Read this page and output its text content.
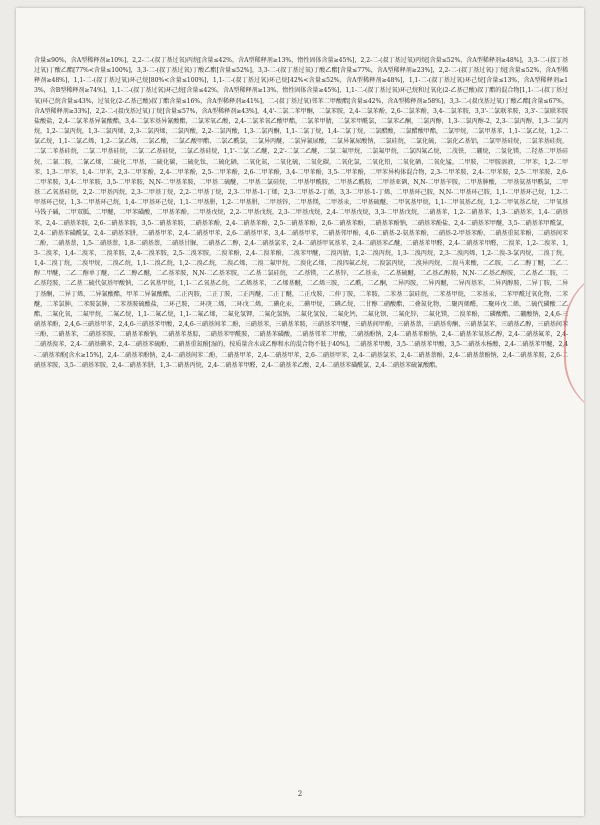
含量≤90%，含A型稀释剂≥10%]，2,2-二-(叔丁基过氧)丙烷[含量≤42%，含A型稀释剂≥13%，惰性固体含量≥45%]，2,2-二-(叔丁基过氧)丙烷[含量≤52%，含A型稀释剂≥48%]，3,3-二-(叔丁基过氧)丁酸乙酯[77%<含量≤100%]，3,3-二-(叔丁基过氧)丁酸乙酯[含量≤52%]，3,3-二-(叔丁基过氧)丁酸乙酯[含量≤77%，含A型稀释剂≥23%]，2,2-二-(叔丁基过氧)丁烷[含量≤52%，含A型稀释剂≥48%]，1,1-二-(叔丁基过氧)环己烷[80%<含量≤100%]，1,1-二-(叔丁基过氧)环己烷[42%<含量≤52%，含A型稀释剂≥48%]，1,1-二-(叔丁基过氧)环己烷[含量≤13%，含A型稀释剂≥13%，含B型稀释剂≥74%]，1,1-二-(叔丁基过氧)环己烷[含量≤42%，含A型稀释剂≥13%，惰性固体含量≥45%]，1,1-二-(叔丁基过氧)环己烷和过氧化(2-乙基己酸)叔丁酯的混合物[1,1-二-(叔丁基过氧)环己烷含量≤43%，过氧化(2-乙基己酸)叔丁酯含量≤16%，含A型稀释剂≥41%]，二-(叔丁基过氧)邻苯二甲酸酯[含量≤42%，含A型稀释剂≥58%]，3,3-二-(叔戊基过氧)丁酸乙酯[含量≤67%，含A型稀释剂≥33%]，2,2-二-(叔戊基过氧)丁烷[含量≤57%，含A型稀释剂≥43%]，4,4'-二氯二苯甲酮，二氯苯胺，2,4-二氯苯酚，2,6-二氯苯酚，3,4-二氯苯胺，3,3'-二氯联苯胺，3,3'-二氯联苯胺盐酸盐，2,4-二氯苯基异氰酸酯，3,4-二氯苯基异氰酸酯，二氯苯氧乙酸，2,4-二氯苯氧乙酸甲酯，二氯苯甲腈，二氯苯甲酰氯，二氯苯乙酮，二氯丙醇，1,3-二氯丙醇-2，2,3-二氯丙醇，1,3-二氯丙烷，1,2-二氯丙烷，1,3-二氯丙烯，2,3-二氯丙烯，二氯丙酸，2,2-二氯丙酸，1,3-二氯丙酮，1,1-二氯丁烷，1,4-二氯丁烷，二氯醋酸，二氯醋酸甲酯，二氯甲烷，二氯甲基苯，1,1-二氯乙烷，1,2-二氯乙烷，1,1-二氯乙烯，1,2-二氯乙烯，二氯乙酸，二氯乙酸甲酯，二氯乙酰氯，二氯异丙醚，二氯异氰尿酸，二氯异氰尿酸钠，二氯硅烷，二氯化硫，二氯化乙基铝，二氯甲基硅烷，二氯苯基硅烷，二氯二苯基硅烷，二氯二甲基硅烷，二氯二乙基硅烷，二氯乙基硅烷，1,1'-二氯二乙醚，2,2'-二氯二乙醚，二氯二氟甲烷，二氯氟甲烷，二氯四氟乙烷，二茂铁，二硼烷，二氢化镁，二羟基二甲基硅烷，二氰二胺，二氰乙烯，二硫化二甲基，二硫化碳，二硫化钛，二硫化硒，二氧化氮，二氧化硫，二氧化碳，二氧化氯，二氧化铅，二氧化硒，二氧化锰，二甲胺，二甲胺溶液，二甲苯，1,2-二甲苯，1,3-二甲苯，1,4-二甲苯，2,3-二甲苯酚，2,4-二甲苯酚，2,5-二甲苯酚，2,6-二甲苯酚，3,4-二甲苯酚，3,5-二甲苯酚，二甲苯异构体混合物，2,3-二甲苯胺，2,4-二甲苯胺，2,5-二甲苯胺，2,6-二甲苯胺，3,4-二甲苯胺，3,5-二甲苯胺，N,N-二甲基苯胺，二甲基二硫醚，二甲基二氯硅烷，二甲基甲酰胺，二甲基乙酰胺，二甲基亚砜，N,N-二甲基苄胺，二甲基胂酸，二甲基氨基甲酰氯，二甲基二乙氧基硅烷，2,2-二甲基丙烷，2,3-二甲基丁烷，2,2-二甲基丁烷，2,3-二甲基-1-丁烯，2,3-二甲基-2-丁烯，3,3-二甲基-1-丁烯，二甲基环己胺，N,N-二甲基环己胺，1,1-二甲基环己烷，1,2-二甲基环己烷，1,3-二甲基环己烷，1,4-二甲基环己烷，1,1-二甲基肼，1,2-二甲基肼，二甲基锌，二甲基镁，二甲基汞，二甲基硫醚，二甲氧基甲烷，1,1-二甲氧基乙烷，1,2-二甲氧基乙烷，二甲氧基马钱子碱，二甲双胍，二甲醚，二甲苯磺酸，二甲基苯酚，二甲基戊烷，2,2-二甲基戊烷，2,3-二甲基戊烷，2,4-二甲基戊烷，3,3-二甲基戊烷，二硝基苯，1,2-二硝基苯，1,3-二硝基苯，1,4-二硝基苯，2,4-二硝基苯胺，2,6-二硝基苯胺，3,5-二硝基苯胺，二硝基苯酚，2,4-二硝基苯酚，2,5-二硝基苯酚，2,6-二硝基苯酚，二硝基苯酚钠，二硝基苯酚盐，2,4-二硝基苯甲醚，3,5-二硝基苯甲酰氯，2,4-二硝基苯磺酰氯，2,4-二硝基苯肼，二硝基甲苯，2,4-二硝基甲苯，2,6-二硝基甲苯，3,4-二硝基甲苯，二硝基邻甲酚，4,6-二硝基-2-氨基苯酚，二硝基-2-甲基苯酚，二硝基重氮苯酚，二硝基间苯二酚，二硝基萘，1,5-二硝基萘，1,8-二硝基萘，二硝基甘脲，二硝基乙二醇，2,4-二硝基氯苯，2,4-二硝基甲氧基苯，2,4-二硝基苯乙醚，二硝基苯甲醛，2,4-二硝基苯甲醛，二溴苯，1,2-二溴苯，1,3-二溴苯，1,4-二溴苯，二溴苯胺，2,4-二溴苯胺，2,5-二溴苯胺，二溴苯酚，2,4-二溴苯酚，二溴苯甲醚，二溴丙腈，1,2-二溴丙烷，1,3-二溴丙烷，2,3-二溴丙烯，1,2-二溴-3-氯丙烷，二溴丁烷，1,4-二溴丁烷，二溴甲烷，二溴乙烷，1,1-二溴乙烷，1,2-二溴乙烷，二溴乙烯，二溴二氟甲烷，二溴化乙烯，二溴四氟乙烷，二溴氯丙烷，二溴异丙烷，二溴马来酸，二乙胺，二乙二醇丁醚，二乙二醇二甲醚，二乙二醇单丁醚，二乙二醇乙醚，二乙基苯胺，N,N-二乙基苯胺，二乙基二氯硅烷，二乙基镁，二乙基锌，二乙基汞，二乙基硫醚，二乙基乙醇胺，N,N-二乙基乙醇胺，二乙基乙二胺，二乙基羟胺，二乙基二硫代氨基甲酸钠，二乙氧基甲烷，1,1-二乙氧基乙烷，二乙烯基苯，二乙烯基醚，二乙烯三胺，二乙酰，二乙酮，二异丙胺，二异丙醚，二异丙基苯，二异丙醇胺，二异丁胺，二异丁基酮，二异丁烯，二异氰酸酯，甲苯二异氰酸酯，二正丙胺，二正丁胺，二正丙醚，二正丁醚，二正戊胺，二仲丁胺，二苯胺，二苯基二氯硅烷，二苯基甲烷，二苯基汞，二苯甲酰过氧化物，二苯醚，二苯氯胂，二苯胺氯胂，二苯基胺硫酸盐，二环己胺，二环庚二烯，二环戊二烯，二碘化汞，二碘甲烷，二碘乙烷，二甘醇二硝酸酯，二叠氮化物，二聚丙烯醛，二聚环戊二烯，二硫代磷酸二乙酯，二氟化氧，二氟甲烷，二氟乙烷，1,1-二氟乙烷，1,1-二氟乙烯，二氟化氢钾，二氟化氢钠，二氟化氢铵，二氟化钙，二氟化钡，二氟化锌，二氟化镁，二溴苯酚，二磷酸酯，二硼酸钠，2,4,6-三硝基苯酚，2,4,6-三硝基甲苯，2,4,6-三硝基苯甲酸，2,4,6-三硝基间苯二酚，三硝基苯，三硝基苯胺，三硝基苯甲醚，三硝基间甲酚，三硝基萘，三硝基芴酮，三硝基氯苯，三硝基乙醇，三硝基间苯三酚，二硝基苯，二硝基苯胺，二硝基苯酚钠，二硝基苯基腙，二硝基苯甲酰胺，二硝基苯磺酸，二硝基邻苯二甲酸，二硝基酚钠，2,4-二硝基苯酚钠，2,4-二硝基苯氧基乙醇，2,4-二硝基氟苯，2,4-二硝基溴苯，2,4-二硝基碘苯，2,4-二硝基苯硫酚，二硝基重氮酚[湿的，按质量含水或乙醇和水的混合物不低于40%]，二硝基苯甲酸，3,5-二硝基苯甲酸，3,5-二硝基水杨酸，2,4-二硝基苯甲醚，2,4-二硝基苯酚[含水≥15%]，2,4-二硝基苯酚钠，2,4-二硝基间苯二酚，二硝基甲苯，2,4-二硝基甲苯，2,6-二硝基甲苯，2,4-二硝基氯苯，2,4-二硝基萘酚，2,4-二硝基萘酚钠，2,4-二硝基苯胺，2,6-二硝基苯胺，3,5-二硝基苯胺，2,4-二硝基苯肼，1,3-二硝基丙烷，2,4-二硝基苯甲醛，2,4-二硝基苯乙酸，2,4-二硝基苯磺酰氯，2,4-二硝基苯硫氰酸酯。
2
